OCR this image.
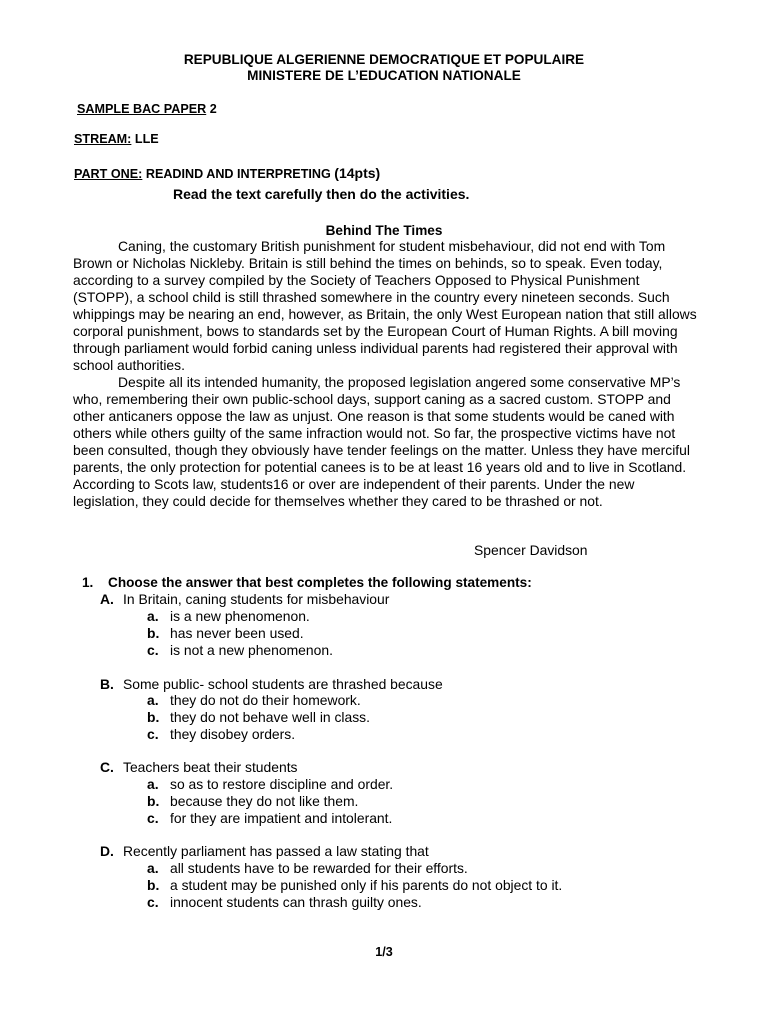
REPUBLIQUE ALGERIENNE DEMOCRATIQUE ET POPULAIRE
MINISTERE DE L’EDUCATION NATIONALE
SAMPLE BAC PAPER 2
STREAM: LLE
PART ONE: READIND AND INTERPRETING (14pts)
Read the text carefully then do the activities.
Behind The Times

Caning, the customary British punishment for student misbehaviour, did not end with Tom Brown or Nicholas Nickleby. Britain is still behind the times on behinds, so to speak. Even today, according to a survey compiled by the Society of Teachers Opposed to Physical Punishment (STOPP), a school child is still thrashed somewhere in the country every nineteen seconds. Such whippings may be nearing an end, however, as Britain, the only West European nation that still allows corporal punishment, bows to standards set by the European Court of Human Rights. A bill moving through parliament would forbid caning unless individual parents had registered their approval with school authorities.

Despite all its intended humanity, the proposed legislation angered some conservative MP’s who, remembering their own public-school days, support caning as a sacred custom. STOPP and other anticaners oppose the law as unjust. One reason is that some students would be caned with others while others guilty of the same infraction would not. So far, the prospective victims have not been consulted, though they obviously have tender feelings on the matter. Unless they have merciful parents, the only protection for potential canees is to be at least 16 years old and to live in Scotland. According to Scots law, students16 or over are independent of their parents. Under the new legislation, they could decide for themselves whether they cared to be thrashed or not.

Spencer Davidson
1. Choose the answer that best completes the following statements:
A. In Britain, caning students for misbehaviour
a. is a new phenomenon.
b. has never been used.
c. is not a new phenomenon.
B. Some public- school students are thrashed because
a. they do not do their homework.
b. they do not behave well in class.
c. they disobey orders.
C. Teachers beat their students
a. so as to restore discipline and order.
b. because they do not like them.
c. for they are impatient and intolerant.
D. Recently parliament has passed a law stating that
a. all students have to be rewarded for their efforts.
b. a student may be punished only if his parents do not object to it.
c. innocent students can thrash guilty ones.
1/3
